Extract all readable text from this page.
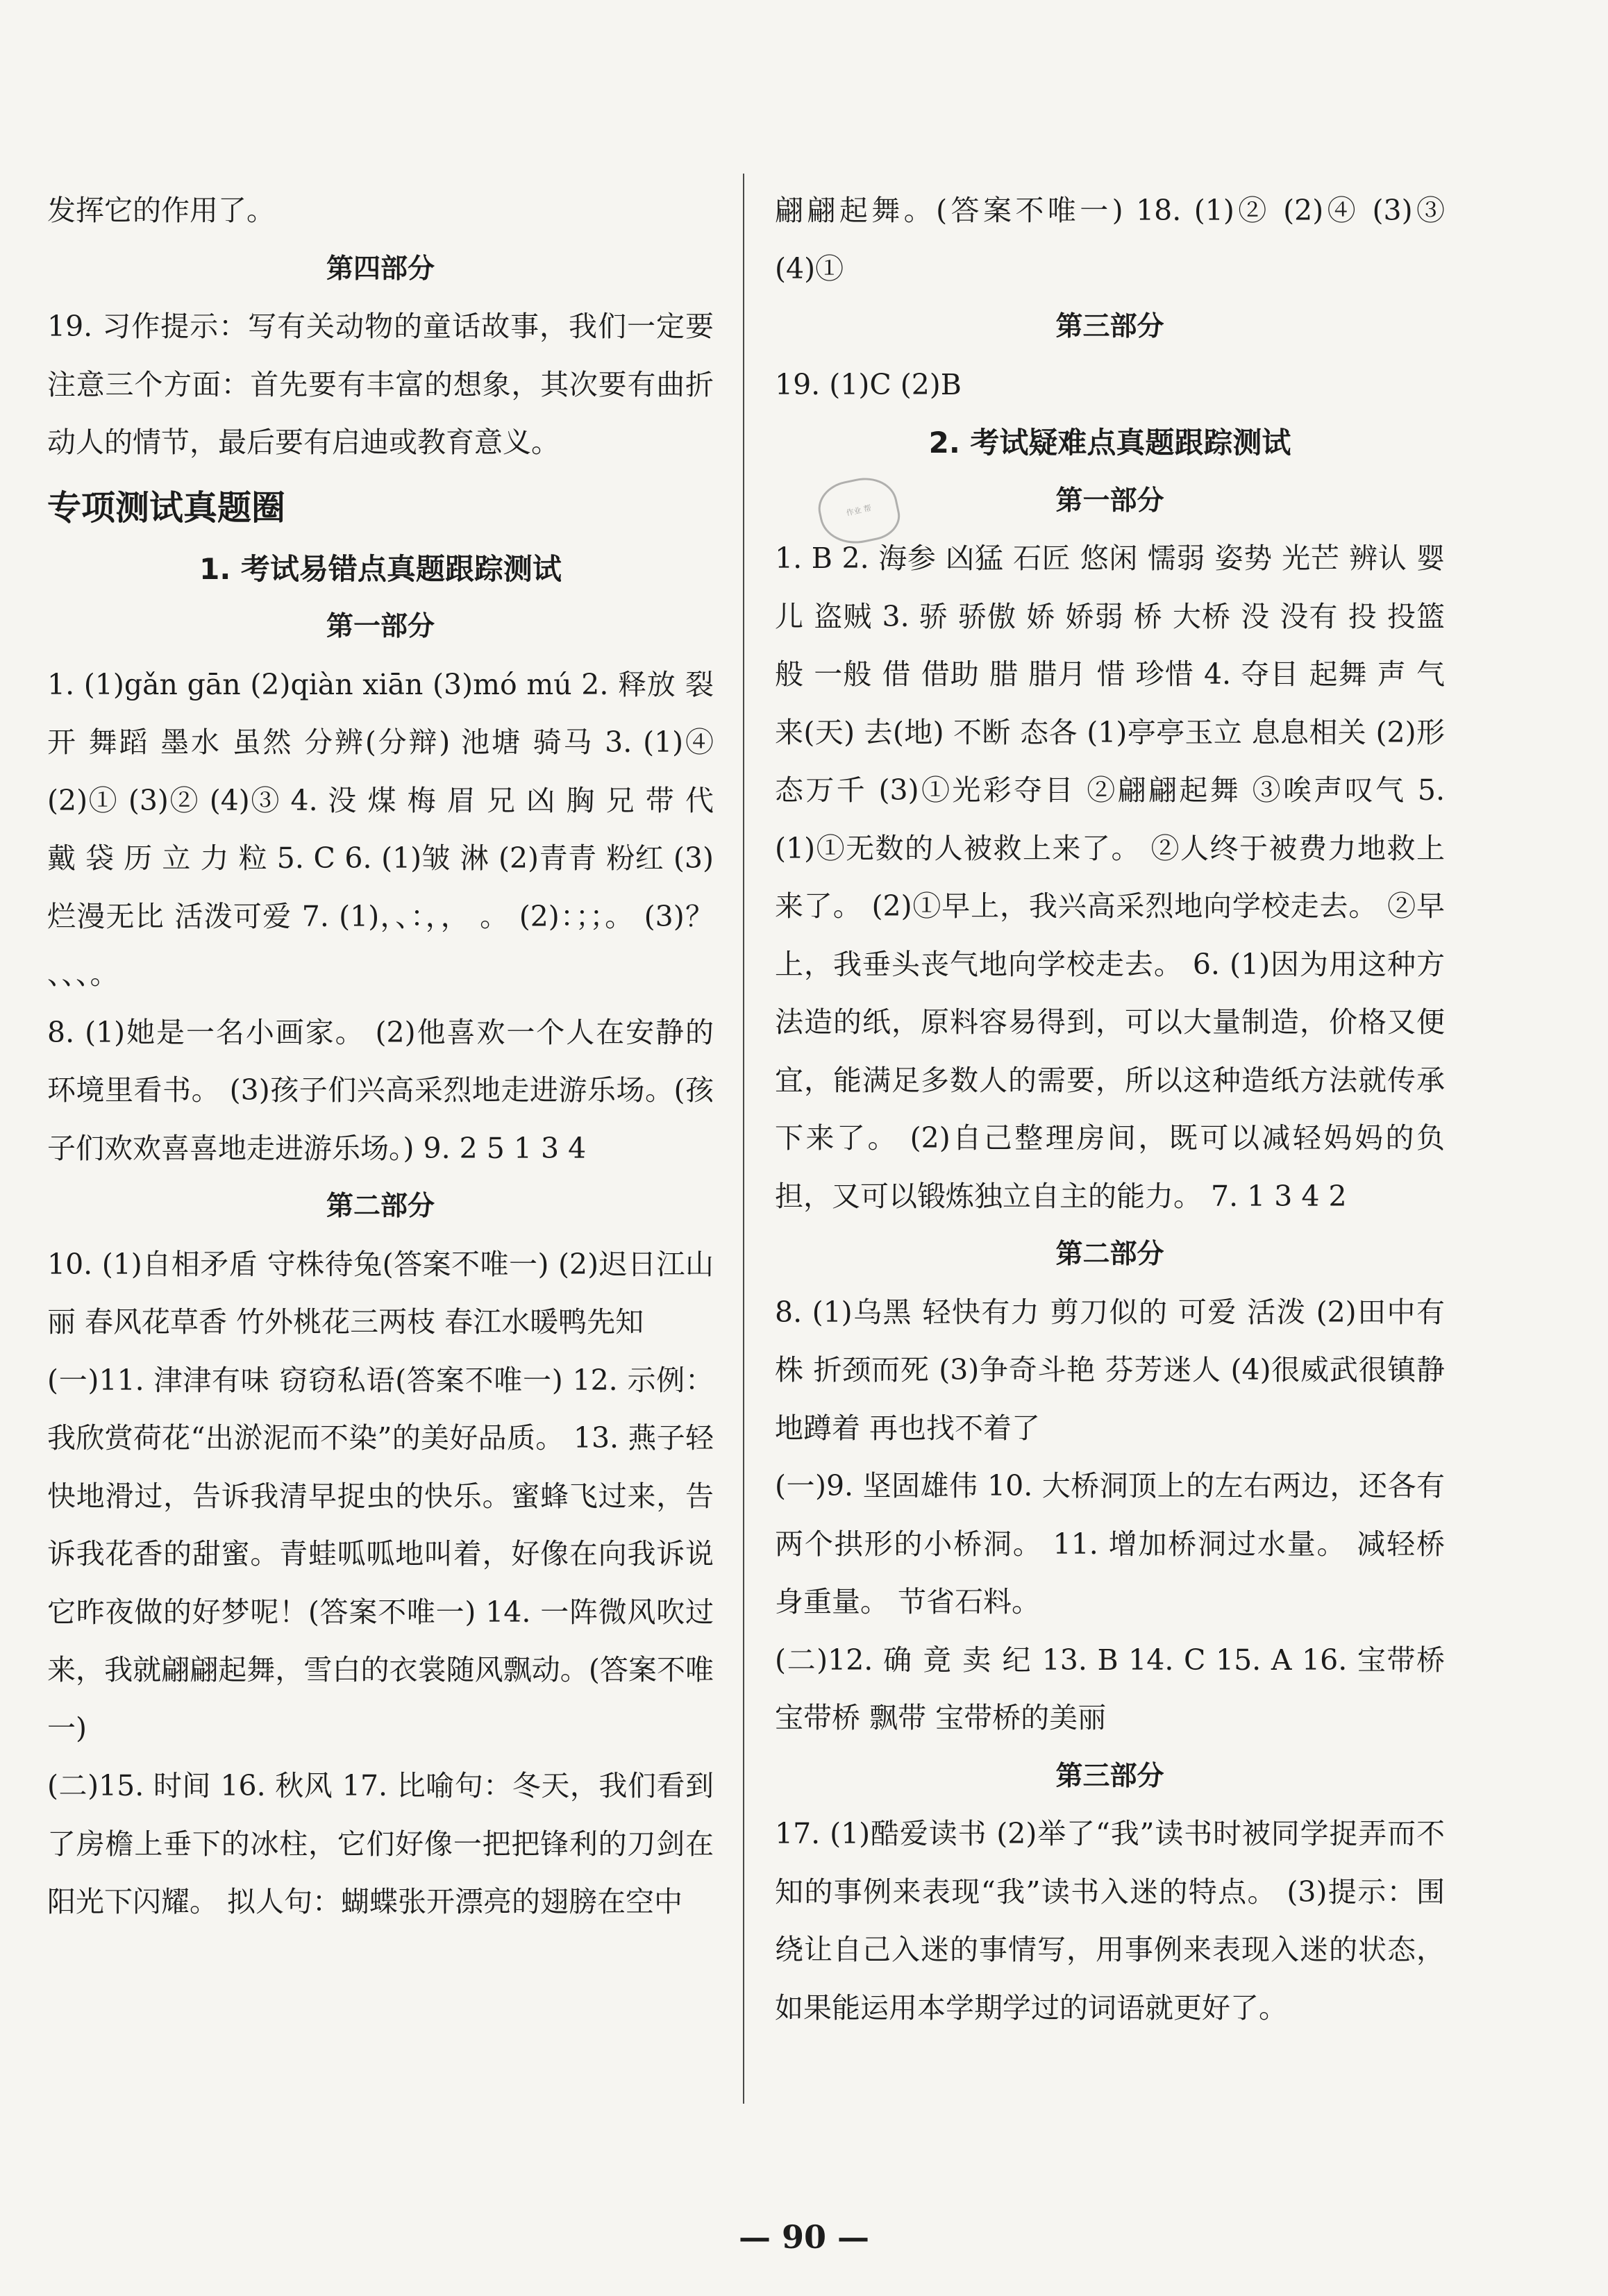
发挥它的作用了。

第四部分

19. 习作提示：写有关动物的童话故事，我们一定要注意三个方面：首先要有丰富的想象，其次要有曲折动人的情节，最后要有启迪或教育意义。

专项测试真题圈

1. 考试易错点真题跟踪测试

第一部分

1. (1)gǎn gān (2)qiàn xiān (3)mó mú 2. 释放 裂开 舞蹈 墨水 虽然 分辨(分辩) 池塘 骑马 3. (1)④ (2)① (3)② (4)③ 4. 没 煤 梅 眉 兄 凶 胸 兄 带 代 戴 袋 历 立 力 粒 5. C 6. (1)皱 淋 (2)青青 粉红 (3)烂漫无比 活泼可爱 7. (1)，、：，， 。 (2)：；；。 (3)？ 、、、。

8. (1)她是一名小画家。 (2)他喜欢一个人在安静的环境里看书。 (3)孩子们兴高采烈地走进游乐场。(孩子们欢欢喜喜地走进游乐场。) 9. 2 5 1 3 4

第二部分

10. (1)自相矛盾 守株待兔(答案不唯一) (2)迟日江山丽 春风花草香 竹外桃花三两枝 春江水暖鸭先知

(一)11. 津津有味 窃窃私语(答案不唯一) 12. 示例：我欣赏荷花“出淤泥而不染”的美好品质。 13. 燕子轻快地滑过，告诉我清早捉虫的快乐。蜜蜂飞过来，告诉我花香的甜蜜。青蛙呱呱地叫着，好像在向我诉说它昨夜做的好梦呢！(答案不唯一) 14. 一阵微风吹过来，我就翩翩起舞，雪白的衣裳随风飘动。(答案不唯一)

(二)15. 时间 16. 秋风 17. 比喻句：冬天，我们看到了房檐上垂下的冰柱，它们好像一把把锋利的刀剑在阳光下闪耀。 拟人句：蝴蝶张开漂亮的翅膀在空中

翩翩起舞。(答案不唯一) 18. (1)② (2)④ (3)③ (4)①

第三部分

19. (1)C (2)B

2. 考试疑难点真题跟踪测试

第一部分

1. B 2. 海参 凶猛 石匠 悠闲 懦弱 姿势 光芒 辨认 婴儿 盗贼 3. 骄 骄傲 娇 娇弱 桥 大桥 没 没有 投 投篮 般 一般 借 借助 腊 腊月 惜 珍惜 4. 夺目 起舞 声 气 来(天) 去(地) 不断 态各 (1)亭亭玉立 息息相关 (2)形态万千 (3)①光彩夺目 ②翩翩起舞 ③唉声叹气 5. (1)①无数的人被救上来了。 ②人终于被费力地救上来了。 (2)①早上，我兴高采烈地向学校走去。 ②早上，我垂头丧气地向学校走去。 6. (1)因为用这种方法造的纸，原料容易得到，可以大量制造，价格又便宜，能满足多数人的需要，所以这种造纸方法就传承下来了。 (2)自己整理房间，既可以减轻妈妈的负担，又可以锻炼独立自主的能力。 7. 1 3 4 2

第二部分

8. (1)乌黑 轻快有力 剪刀似的 可爱 活泼 (2)田中有株 折颈而死 (3)争奇斗艳 芬芳迷人 (4)很威武很镇静地蹲着 再也找不着了

(一)9. 坚固雄伟 10. 大桥洞顶上的左右两边，还各有两个拱形的小桥洞。 11. 增加桥洞过水量。 减轻桥身重量。 节省石料。

(二)12. 确 竟 卖 纪 13. B 14. C 15. A 16. 宝带桥 宝带桥 飘带 宝带桥的美丽

第三部分

17. (1)酷爱读书 (2)举了“我”读书时被同学捉弄而不知的事例来表现“我”读书入迷的特点。 (3)提示：围绕让自己入迷的事情写，用事例来表现入迷的状态，如果能运用本学期学过的词语就更好了。

作业 帮
— 90 —
